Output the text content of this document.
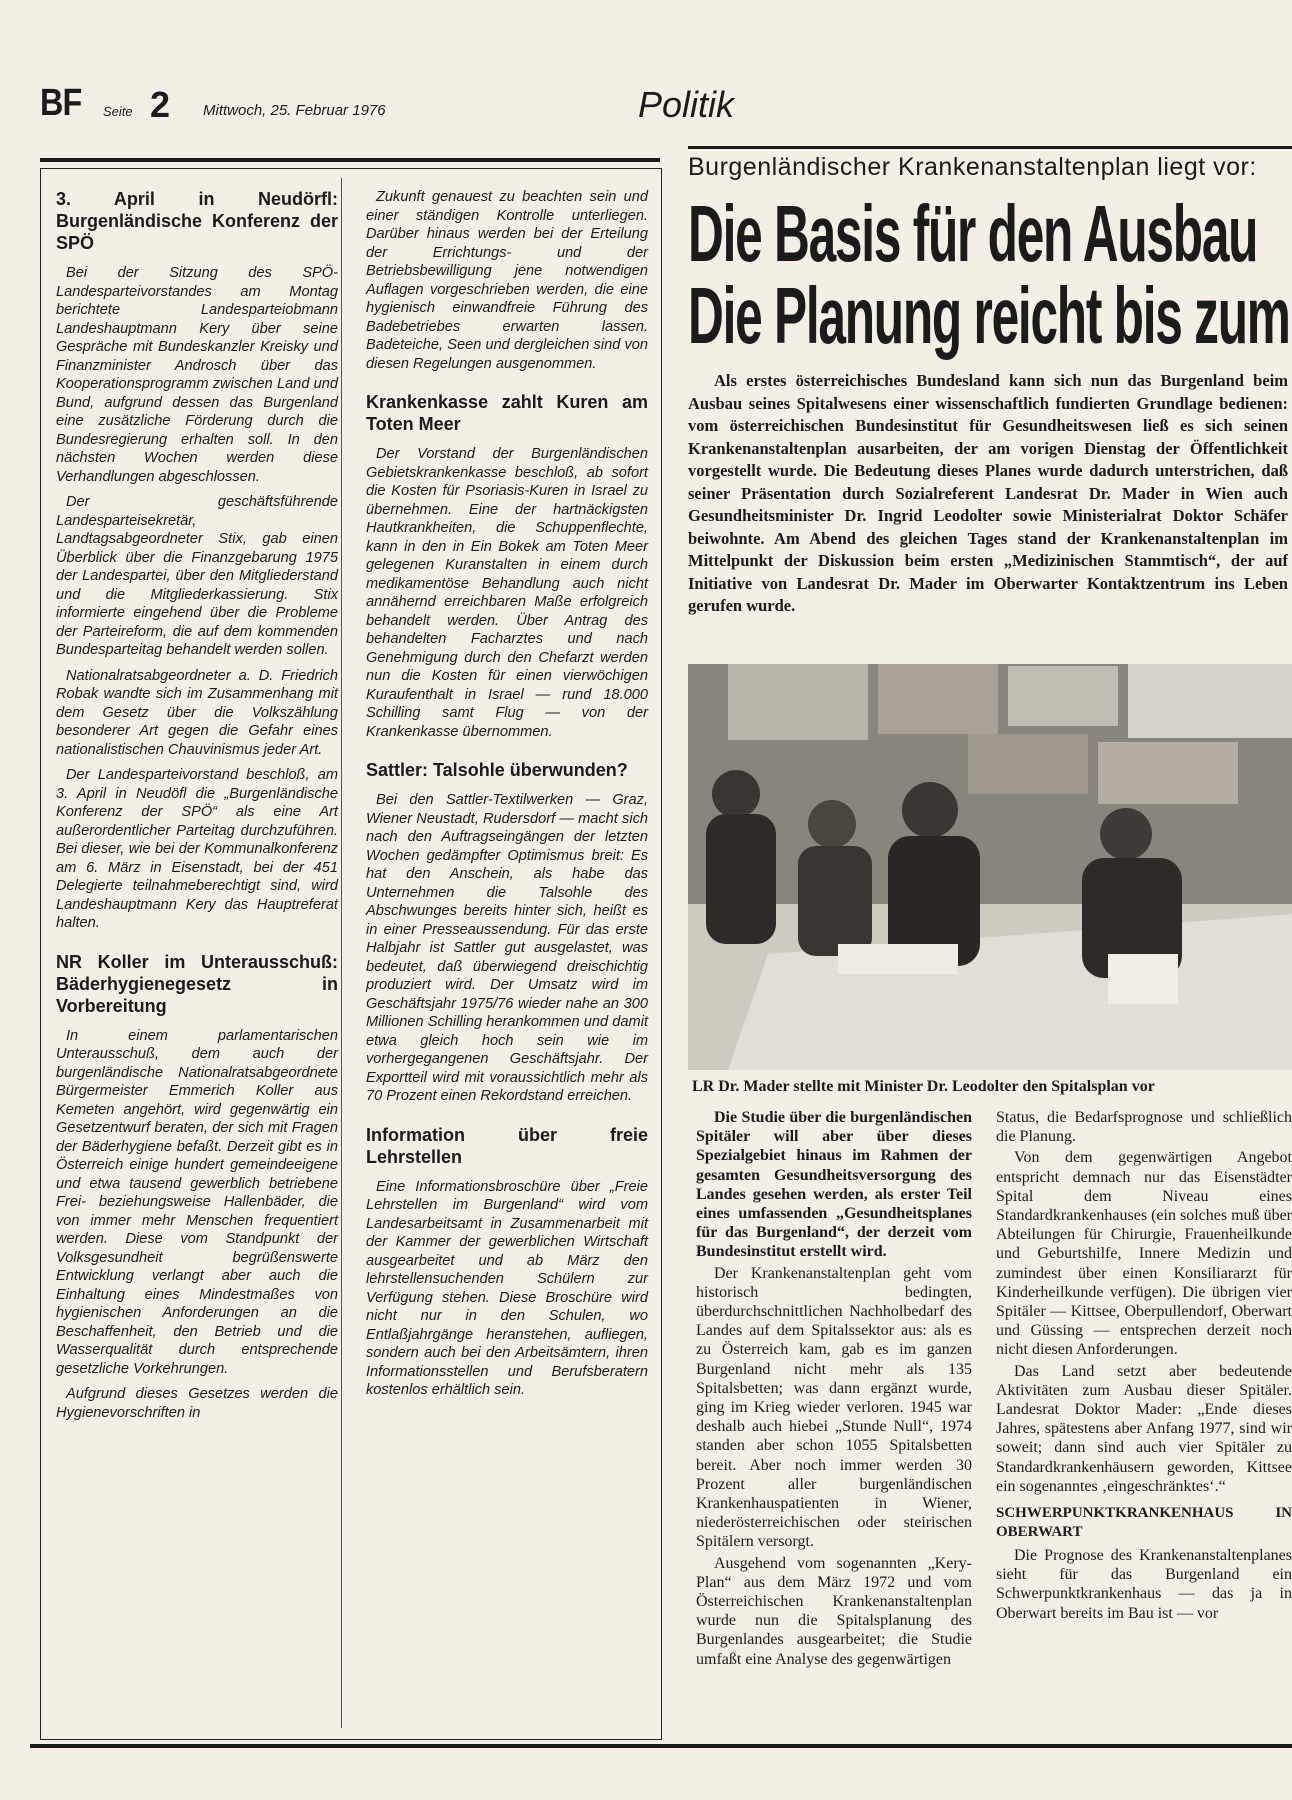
BF Seite 2 Mittwoch, 25. Februar 1976	Politik
3. April in Neudörfl: Burgenländische Konferenz der SPÖ

Bei der Sitzung des SPÖ-Landesparteivorstandes am Montag berichtete Landesparteiobmann Landeshauptmann Kery über seine Gespräche mit Bundeskanzler Kreisky und Finanzminister Androsch über das Kooperationsprogramm zwischen Land und Bund, aufgrund dessen das Burgenland eine zusätzliche Förderung durch die Bundesregierung erhalten soll. In den nächsten Wochen werden diese Verhandlungen abgeschlossen.

Der geschäftsführende Landesparteisekretär, Landtagsabgeordneter Stix, gab einen Überblick über die Finanzgebarung 1975 der Landespartei, über den Mitgliederstand und die Mitgliederkassierung. Stix informierte eingehend über die Probleme der Parteireform, die auf dem kommenden Bundesparteitag behandelt werden sollen.

Nationalratsabgeordneter a. D. Friedrich Robak wandte sich im Zusammenhang mit dem Gesetz über die Volkszählung besonderer Art gegen die Gefahr eines nationalistischen Chauvinismus jeder Art.

Der Landesparteivorstand beschloß, am 3. April in Neudöfl die „Burgenländische Konferenz der SPÖ“ als eine Art außerordentlicher Parteitag durchzuführen. Bei dieser, wie bei der Kommunalkonferenz am 6. März in Eisenstadt, bei der 451 Delegierte teilnahmeberechtigt sind, wird Landeshauptmann Kery das Hauptreferat halten.

NR Koller im Unterausschuß: Bäderhygienegesetz in Vorbereitung

In einem parlamentarischen Unterausschuß, dem auch der burgenländische Nationalratsabgeordnete Bürgermeister Emmerich Koller aus Kemeten angehört, wird gegenwärtig ein Gesetzentwurf beraten, der sich mit Fragen der Bäderhygiene befaßt. Derzeit gibt es in Österreich einige hundert gemeindeeigene und etwa tausend gewerblich betriebene Frei- beziehungsweise Hallenbäder, die von immer mehr Menschen frequentiert werden. Diese vom Standpunkt der Volksgesundheit begrüßenswerte Entwicklung verlangt aber auch die Einhaltung eines Mindestmaßes von hygienischen Anforderungen an die Beschaffenheit, den Betrieb und die Wasserqualität durch entsprechende gesetzliche Vorkehrungen.

Aufgrund dieses Gesetzes werden die Hygienevorschriften in

Zukunft genauest zu beachten sein und einer ständigen Kontrolle unterliegen. Darüber hinaus werden bei der Erteilung der Errichtungs- und der Betriebsbewilligung jene notwendigen Auflagen vorgeschrieben werden, die eine hygienisch einwandfreie Führung des Badebetriebes erwarten lassen. Badeteiche, Seen und dergleichen sind von diesen Regelungen ausgenommen.

Krankenkasse zahlt Kuren am Toten Meer

Der Vorstand der Burgenländischen Gebietskrankenkasse beschloß, ab sofort die Kosten für Psoriasis-Kuren in Israel zu übernehmen. Eine der hartnäckigsten Hautkrankheiten, die Schuppenflechte, kann in den in Ein Bokek am Toten Meer gelegenen Kuranstalten in einem durch medikamentöse Behandlung auch nicht annähernd erreichbaren Maße erfolgreich behandelt werden. Über Antrag des behandelten Facharztes und nach Genehmigung durch den Chefarzt werden nun die Kosten für einen vierwöchigen Kuraufenthalt in Israel — rund 18.000 Schilling samt Flug — von der Krankenkasse übernommen.

Sattler: Talsohle überwunden?

Bei den Sattler-Textilwerken — Graz, Wiener Neustadt, Rudersdorf — macht sich nach den Auftragseingängen der letzten Wochen gedämpfter Optimismus breit: Es hat den Anschein, als habe das Unternehmen die Talsohle des Abschwunges bereits hinter sich, heißt es in einer Presseaussendung. Für das erste Halbjahr ist Sattler gut ausgelastet, was bedeutet, daß überwiegend dreischichtig produziert wird. Der Umsatz wird im Geschäftsjahr 1975/76 wieder nahe an 300 Millionen Schilling herankommen und damit etwa gleich hoch sein wie im vorhergegangenen Geschäftsjahr. Der Exportteil wird mit voraussichtlich mehr als 70 Prozent einen Rekordstand erreichen.

Information über freie Lehrstellen

Eine Informationsbroschüre über „Freie Lehrstellen im Burgenland“ wird vom Landesarbeitsamt in Zusammenarbeit mit der Kammer der gewerblichen Wirtschaft ausgearbeitet und ab März den lehrstellensuchenden Schülern zur Verfügung stehen. Diese Broschüre wird nicht nur in den Schulen, wo Entlaßjahrgänge heranstehen, aufliegen, sondern auch bei den Arbeitsämtern, ihren Informationsstellen und Berufsberatern kostenlos erhältlich sein.

Burgenländischer Krankenanstaltenplan liegt vor:
Die Basis für den Ausbau
Die Planung reicht bis zum

Als erstes österreichisches Bundesland kann sich nun das Burgenland beim Ausbau seines Spitalwesens einer wissenschaftlich fundierten Grundlage bedienen: vom österreichischen Bundesinstitut für Gesundheitswesen ließ es sich seinen Krankenanstaltenplan ausarbeiten, der am vorigen Dienstag der Öffentlichkeit vorgestellt wurde. Die Bedeutung dieses Planes wurde dadurch unterstrichen, daß seiner Präsentation durch Sozialreferent Landesrat Dr. Mader in Wien auch Gesundheitsminister Dr. Ingrid Leodolter sowie Ministerialrat Doktor Schäfer beiwohnte. Am Abend des gleichen Tages stand der Krankenanstaltenplan im Mittelpunkt der Diskussion beim ersten „Medizinischen Stammtisch“, der auf Initiative von Landesrat Dr. Mader im Oberwarter Kontaktzentrum ins Leben gerufen wurde.

LR Dr. Mader stellte mit Minister Dr. Leodolter den Spitalsplan vor

Die Studie über die burgenländischen Spitäler will aber über dieses Spezialgebiet hinaus im Rahmen der gesamten Gesundheitsversorgung des Landes gesehen werden, als erster Teil eines umfassenden „Gesundheitsplanes für das Burgenland“, der derzeit vom Bundesinstitut erstellt wird.

Der Krankenanstaltenplan geht vom historisch bedingten, überdurchschnittlichen Nachholbedarf des Landes auf dem Spitalssektor aus: als es zu Österreich kam, gab es im ganzen Burgenland nicht mehr als 135 Spitalsbetten; was dann ergänzt wurde, ging im Krieg wieder verloren. 1945 war deshalb auch hiebei „Stunde Null“, 1974 standen aber schon 1055 Spitalsbetten bereit. Aber noch immer werden 30 Prozent aller burgenländischen Krankenhauspatienten in Wiener, niederösterreichischen oder steirischen Spitälern versorgt.

Ausgehend vom sogenannten „Kery-Plan“ aus dem März 1972 und vom Österreichischen Krankenanstaltenplan wurde nun die Spitalsplanung des Burgenlandes ausgearbeitet; die Studie umfaßt eine Analyse des gegenwärtigen

Status, die Bedarfsprognose und schließlich die Planung.

Von dem gegenwärtigen Angebot entspricht demnach nur das Eisenstädter Spital dem Niveau eines Standardkrankenhauses (ein solches muß über Abteilungen für Chirurgie, Frauenheilkunde und Geburtshilfe, Innere Medizin und zumindest über einen Konsiliararzt für Kinderheilkunde verfügen). Die übrigen vier Spitäler — Kittsee, Oberpullendorf, Oberwart und Güssing — entsprechen derzeit noch nicht diesen Anforderungen.

Das Land setzt aber bedeutende Aktivitäten zum Ausbau dieser Spitäler. Landesrat Doktor Mader: „Ende dieses Jahres, spätestens aber Anfang 1977, sind wir soweit; dann sind auch vier Spitäler zu Standardkrankenhäusern geworden, Kittsee ein sogenanntes ‚eingeschränktes‘.“

SCHWERPUNKTKRANKENHAUS IN OBERWART

Die Prognose des Krankenanstaltenplanes sieht für das Burgenland ein Schwerpunktkrankenhaus — das ja in Oberwart bereits im Bau ist — vor
